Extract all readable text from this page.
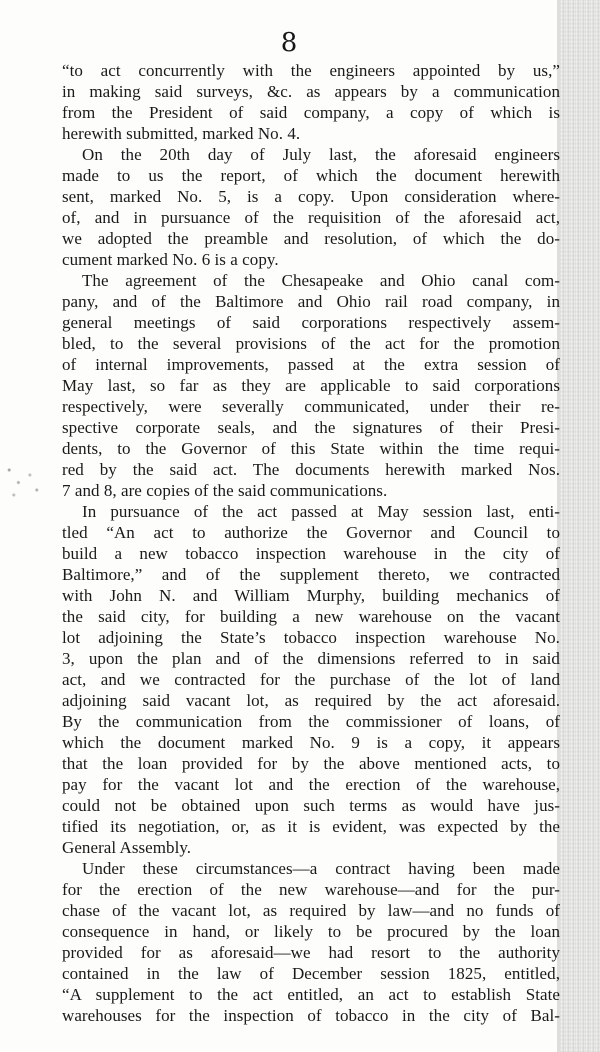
8
“to act concurrently with the engineers appointed by us,”
in making said surveys, &c. as appears by a communication
from the President of said company, a copy of which is
herewith submitted, marked No. 4.
On the 20th day of July last, the aforesaid engineers
made to us the report, of which the document herewith
sent, marked No. 5, is a copy. Upon consideration where-
of, and in pursuance of the requisition of the aforesaid act,
we adopted the preamble and resolution, of which the do-
cument marked No. 6 is a copy.
The agreement of the Chesapeake and Ohio canal com-
pany, and of the Baltimore and Ohio rail road company, in
general meetings of said corporations respectively assem-
bled, to the several provisions of the act for the promotion
of internal improvements, passed at the extra session of
May last, so far as they are applicable to said corporations
respectively, were severally communicated, under their re-
spective corporate seals, and the signatures of their Presi-
dents, to the Governor of this State within the time requi-
red by the said act. The documents herewith marked Nos.
7 and 8, are copies of the said communications.
In pursuance of the act passed at May session last, enti-
tled “An act to authorize the Governor and Council to
build a new tobacco inspection warehouse in the city of
Baltimore,” and of the supplement thereto, we contracted
with John N. and William Murphy, building mechanics of
the said city, for building a new warehouse on the vacant
lot adjoining the State’s tobacco inspection warehouse No.
3, upon the plan and of the dimensions referred to in said
act, and we contracted for the purchase of the lot of land
adjoining said vacant lot, as required by the act aforesaid.
By the communication from the commissioner of loans, of
which the document marked No. 9 is a copy, it appears
that the loan provided for by the above mentioned acts, to
pay for the vacant lot and the erection of the warehouse,
could not be obtained upon such terms as would have jus-
tified its negotiation, or, as it is evident, was expected by the
General Assembly.
Under these circumstances—a contract having been made
for the erection of the new warehouse—and for the pur-
chase of the vacant lot, as required by law—and no funds of
consequence in hand, or likely to be procured by the loan
provided for as aforesaid—we had resort to the authority
contained in the law of December session 1825, entitled,
“A supplement to the act entitled, an act to establish State
warehouses for the inspection of tobacco in the city of Bal-
